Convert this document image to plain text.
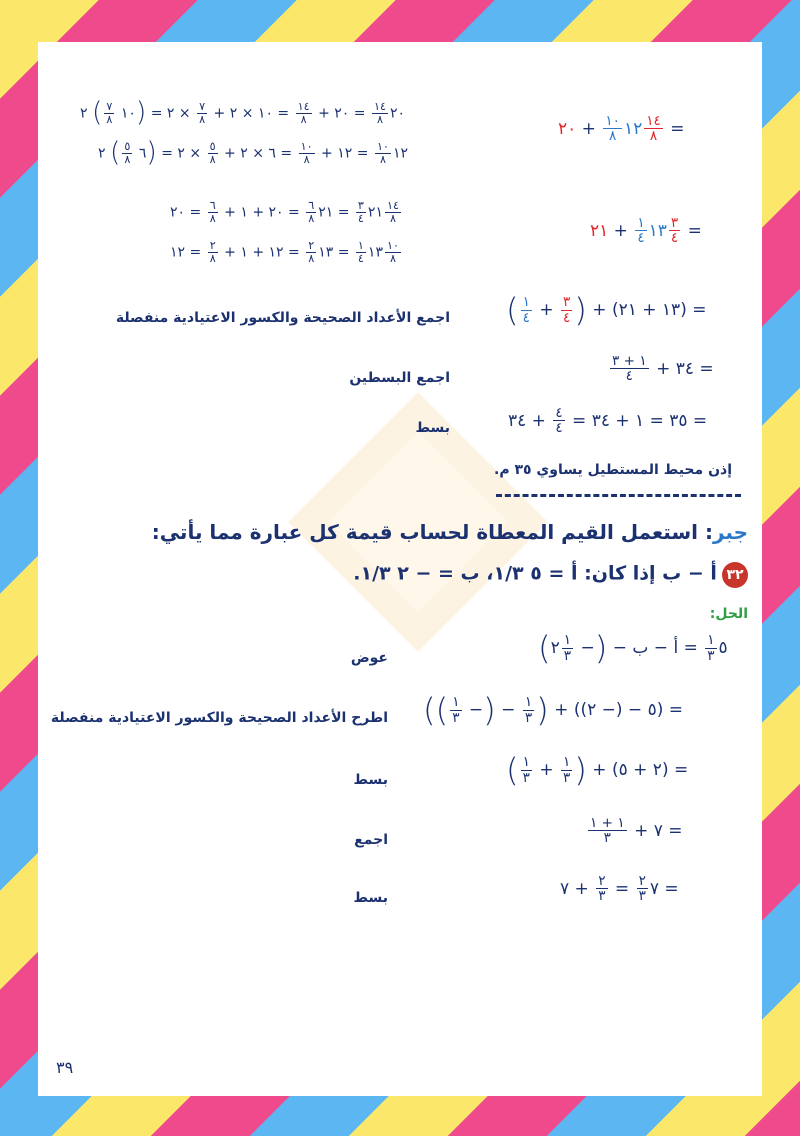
٢٠
$\frac{١٤}{٨}$
= ٢٠ +
$\frac{١٤}{٨}$
= ١٠ × ٢ +
$\frac{٧}{٨}$
× ٢ = (١٠
$\frac{٧}{٨}$
) ٢
١٢
$\frac{١٠}{٨}$
= ١٢ +
$\frac{١٠}{٨}$
= ٦ × ٢ +
$\frac{٥}{٨}$
× ٢ = (٦
$\frac{٥}{٨}$
) ٢
٢١
$\frac{٣}{٤}$
= ٢١
$\frac{٦}{٨}$
= ٢٠ + ١ +
$\frac{٦}{٨}$
= ٢٠	$\frac{١٤}{٨}$
١٣
$\frac{١}{٤}$
= ١٣
$\frac{٢}{٨}$
= ١٢ + ١ +
$\frac{٢}{٨}$
= ١٢	$\frac{١٠}{٨}$
١٢
$\frac{١٠}{٨}$
+ ٢٠	$\frac{١٤}{٨}$ =
١٣
$\frac{١}{٤}$
+ ٢١	$\frac{٣}{٤}$ =
( $\frac{١}{٤} + \frac{٣}{٤}$ ) + (١٣ + ٢١) =
اجمع الأعداد الصحيحة والكسور الاعتيادية منفصلة
$\frac{١ + ٣}{٤}$ + ٣٤ =
اجمع البسطين
٣٥ = ١ + ٣٤ =
$\frac{٤}{٤}$
+ ٣٤ =
بسط
إذن محيط المستطيل يساوي ٣٥ م.
جبر: استعمل القيم المعطاة لحساب قيمة كل عبارة مما يأتي:
٣٢ أ − ب إذا كان: أ = ٥ ١/٣، ب = − ٢ ١/٣.
الحل:
(٢ $\frac{١}{٣}$ −) − ٥
$\frac{١}{٣}$
= أ − ب
عوض
(( $\frac{١}{٣}$ −) − $\frac{١}{٣}$ ) + ((٢ −) − ٥) =
اطرح الأعداد الصحيحة والكسور الاعتيادية منفصلة
( $\frac{١}{٣} + \frac{١}{٣}$ ) + (٢ + ٥) =
بسط
$\frac{١ + ١}{٣}$ + ٧ =
اجمع
٧
$\frac{٢}{٣}$
=
$\frac{٢}{٣}$
+ ٧ =
بسط
٣٩
